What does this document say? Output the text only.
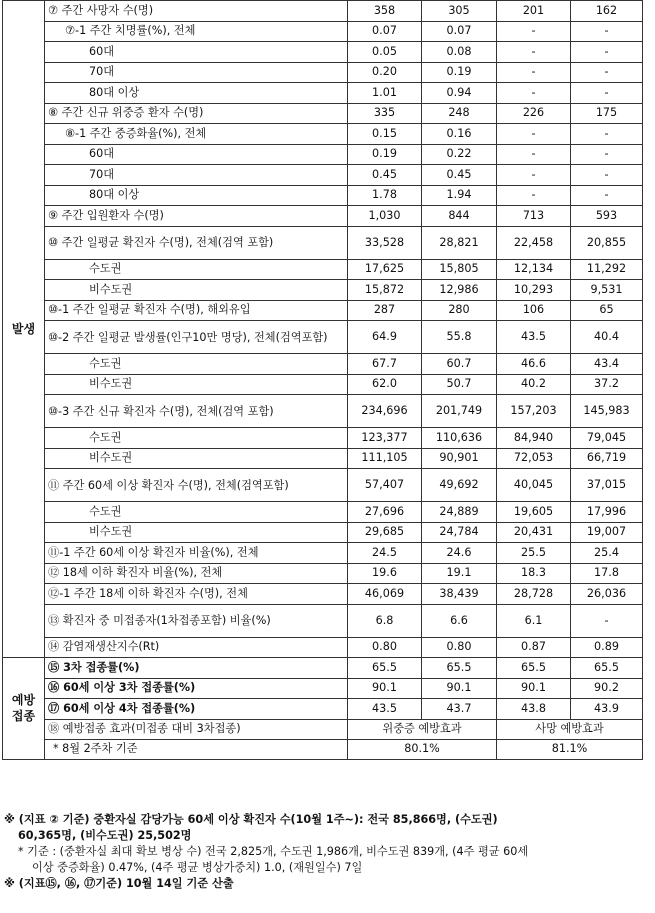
발생	⑦ 주간 사망자 수(명)	358	305	201	162
	⑦-1 주간 치명률(%), 전체	0.07	0.07	-	-
	60대	0.05	0.08	-	-
	70대	0.20	0.19	-	-
	80대 이상	1.01	0.94	-	-
	⑧ 주간 신규 위중증 환자 수(명)	335	248	226	175
	⑧-1 주간 중증화율(%), 전체	0.15	0.16	-	-
	60대	0.19	0.22	-	-
	70대	0.45	0.45	-	-
	80대 이상	1.78	1.94	-	-
	⑨ 주간 입원환자 수(명)	1,030	844	713	593
	⑩ 주간 일평균 확진자 수(명), 전체(검역 포함)	33,528	28,821	22,458	20,855
	수도권	17,625	15,805	12,134	11,292
	비수도권	15,872	12,986	10,293	9,531
	⑩-1 주간 일평균 확진자 수(명), 해외유입	287	280	106	65
	⑩-2 주간 일평균 발생률(인구10만 명당), 전체(검역포함)	64.9	55.8	43.5	40.4
	수도권	67.7	60.7	46.6	43.4
	비수도권	62.0	50.7	40.2	37.2
	⑩-3 주간 신규 확진자 수(명), 전체(검역 포함)	234,696	201,749	157,203	145,983
	수도권	123,377	110,636	84,940	79,045
	비수도권	111,105	90,901	72,053	66,719
	⑪ 주간 60세 이상 확진자 수(명), 전체(검역포함)	57,407	49,692	40,045	37,015
	수도권	27,696	24,889	19,605	17,996
	비수도권	29,685	24,784	20,431	19,007
	⑪-1 주간 60세 이상 확진자 비율(%), 전체	24.5	24.6	25.5	25.4
	⑫ 18세 이하 확진자 비율(%), 전체	19.6	19.1	18.3	17.8
	⑫-1 주간 18세 이하 확진자 수(명), 전체	46,069	38,439	28,728	26,036
	⑬ 확진자 중 미접종자(1차접종포함) 비율(%)	6.8	6.6	6.1	-
	⑭ 감염재생산지수(Rt)	0.80	0.80	0.87	0.89
예방
접종	⑮ 3차 접종률(%)	65.5	65.5	65.5	65.5
	⑯ 60세 이상 3차 접종률(%)	90.1	90.1	90.1	90.2
	⑰ 60세 이상 4차 접종률(%)	43.5	43.7	43.8	43.9
	⑱ 예방접종 효과(미접종 대비 3차접종)	위중증 예방효과		사망 예방효과	
	* 8월 2주차 기준	80.1%		81.1%	

※ (지표 ② 기준) 중환자실 감당가능 60세 이상 확진자 수(10월 1주~): 전국 85,866명, (수도권)

60,365명, (비수도권) 25,502명

* 기준 : (중환자실 최대 확보 병상 수) 전국 2,825개, 수도권 1,986개, 비수도권 839개, (4주 평균 60세

이상 중증화율) 0.47%, (4주 평균 병상가중치) 1.0, (재원일수) 7일

※ (지표⑮, ⑯, ⑰기준) 10월 14일 기준 산출
